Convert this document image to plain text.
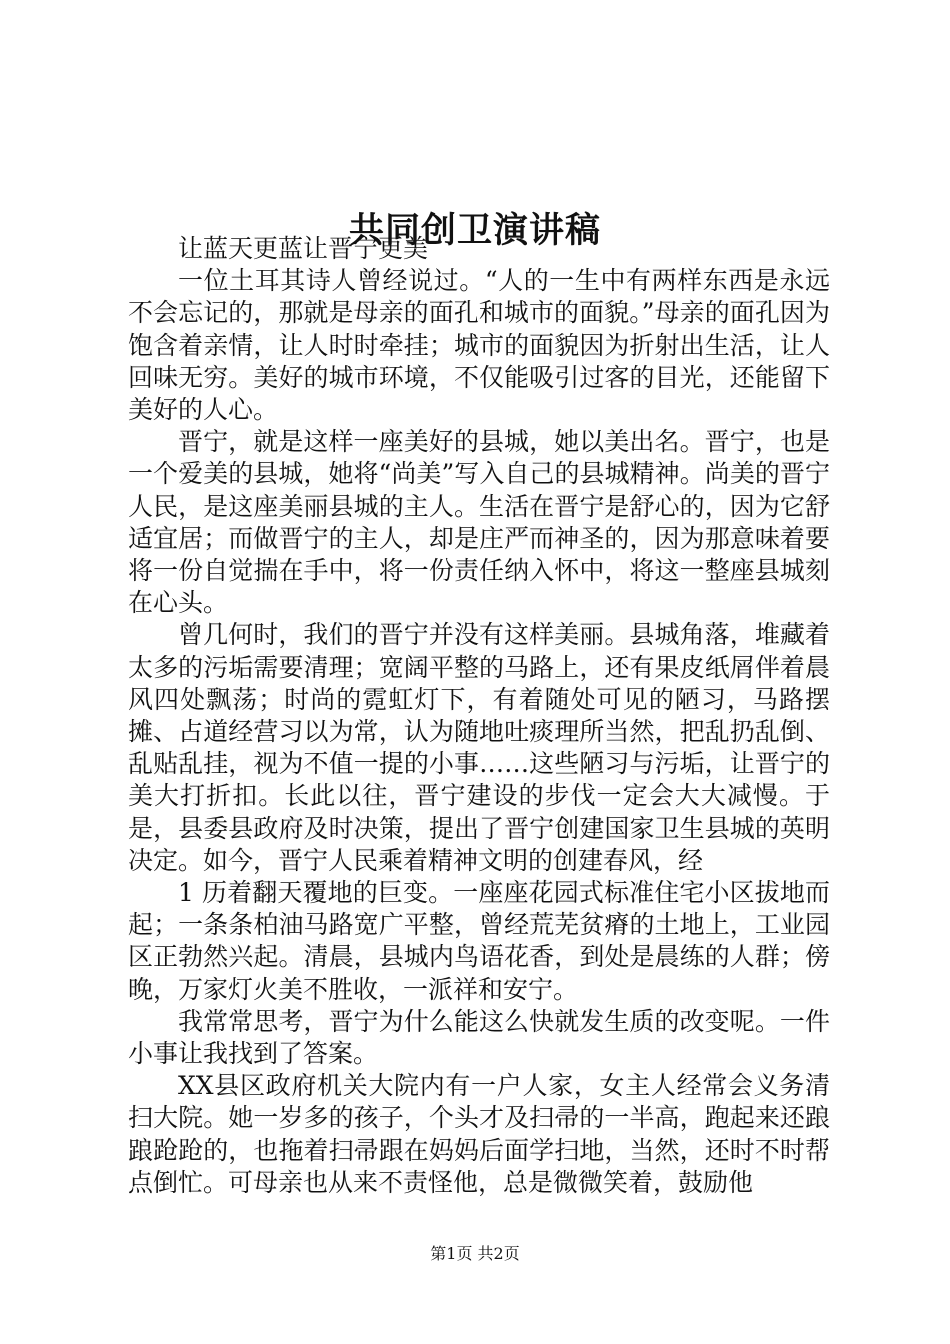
共同创卫演讲稿

让蓝天更蓝让晋宁更美

一位土耳其诗人曾经说过。“人的一生中有两样东西是永远不会忘记的，那就是母亲的面孔和城市的面貌。”母亲的面孔因为饱含着亲情，让人时时牵挂；城市的面貌因为折射出生活，让人回味无穷。美好的城市环境，不仅能吸引过客的目光，还能留下美好的人心。

晋宁，就是这样一座美好的县城，她以美出名。晋宁，也是一个爱美的县城，她将“尚美”写入自己的县城精神。尚美的晋宁人民，是这座美丽县城的主人。生活在晋宁是舒心的，因为它舒适宜居；而做晋宁的主人，却是庄严而神圣的，因为那意味着要将一份自觉揣在手中，将一份责任纳入怀中，将这一整座县城刻在心头。

曾几何时，我们的晋宁并没有这样美丽。县城角落，堆藏着太多的污垢需要清理；宽阔平整的马路上，还有果皮纸屑伴着晨风四处飘荡；时尚的霓虹灯下，有着随处可见的陋习，马路摆摊、占道经营习以为常，认为随地吐痰理所当然，把乱扔乱倒、乱贴乱挂，视为不值一提的小事……这些陋习与污垢，让晋宁的美大打折扣。长此以往，晋宁建设的步伐一定会大大减慢。于是，县委县政府及时决策，提出了晋宁创建国家卫生县城的英明决定。如今，晋宁人民乘着精神文明的创建春风，经

1 历着翻天覆地的巨变。一座座花园式标准住宅小区拔地而起；一条条柏油马路宽广平整，曾经荒芜贫瘠的土地上，工业园区正勃然兴起。清晨，县城内鸟语花香，到处是晨练的人群；傍晚，万家灯火美不胜收，一派祥和安宁。

我常常思考，晋宁为什么能这么快就发生质的改变呢。一件小事让我找到了答案。

XX县区政府机关大院内有一户人家，女主人经常会义务清扫大院。她一岁多的孩子，个头才及扫帚的一半高，跑起来还踉踉跄跄的，也拖着扫帚跟在妈妈后面学扫地，当然，还时不时帮点倒忙。可母亲也从来不责怪他，总是微微笑着，鼓励他

第1页 共2页
